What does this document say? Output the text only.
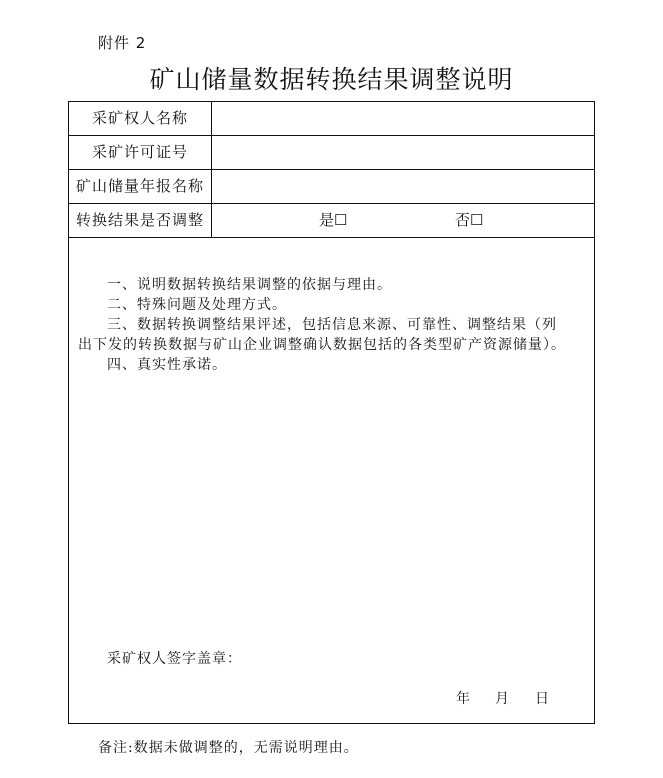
附件 2
矿山储量数据转换结果调整说明
采矿权人名称
采矿许可证号
矿山储量年报名称
转换结果是否调整	是☐	否☐
一、说明数据转换结果调整的依据与理由。
二、特殊问题及处理方式。
三、数据转换调整结果评述，包括信息来源、可靠性、调整结果（列
出下发的转换数据与矿山企业调整确认数据包括的各类型矿产资源储量）。
四、真实性承诺。
采矿权人签字盖章：
年 月 日
备注:数据未做调整的，无需说明理由。
